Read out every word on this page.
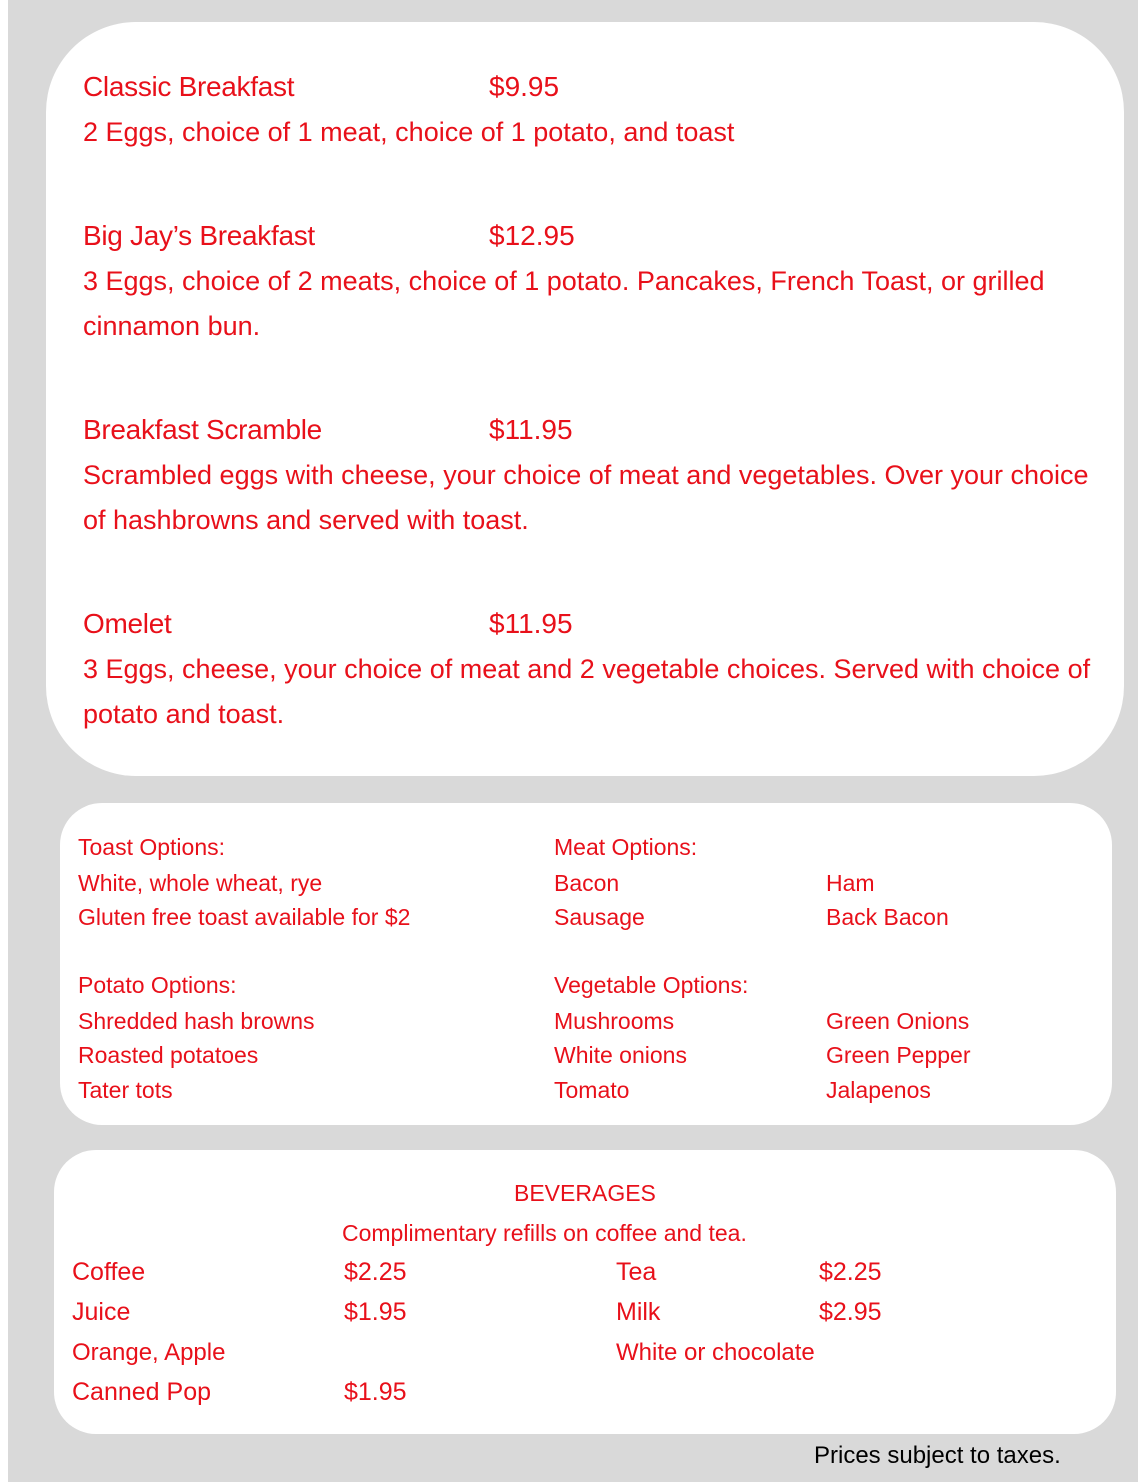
Classic Breakfast	$9.95
2 Eggs, choice of 1 meat, choice of 1 potato, and toast
Big Jay’s Breakfast	$12.95
3 Eggs, choice of 2 meats, choice of 1 potato. Pancakes, French Toast, or grilled cinnamon bun.
Breakfast Scramble	$11.95
Scrambled eggs with cheese, your choice of meat and vegetables. Over your choice of hashbrowns and served with toast.
Omelet	$11.95
3 Eggs, cheese, your choice of meat and 2 vegetable choices. Served with choice of potato and toast.
Toast Options:
White, whole wheat, rye
Gluten free toast available for $2
Meat Options:
Bacon
Sausage
Ham
Back Bacon
Potato Options:
Shredded hash browns
Roasted potatoes
Tater tots
Vegetable Options:
Mushrooms
White onions
Tomato
Green Onions
Green Pepper
Jalapenos
BEVERAGES
Complimentary refills on coffee and tea.
Coffee	$2.25
Juice	$1.95
Orange, Apple
Canned Pop	$1.95
Tea	$2.25
Milk	$2.95
White or chocolate
Prices subject to taxes.
